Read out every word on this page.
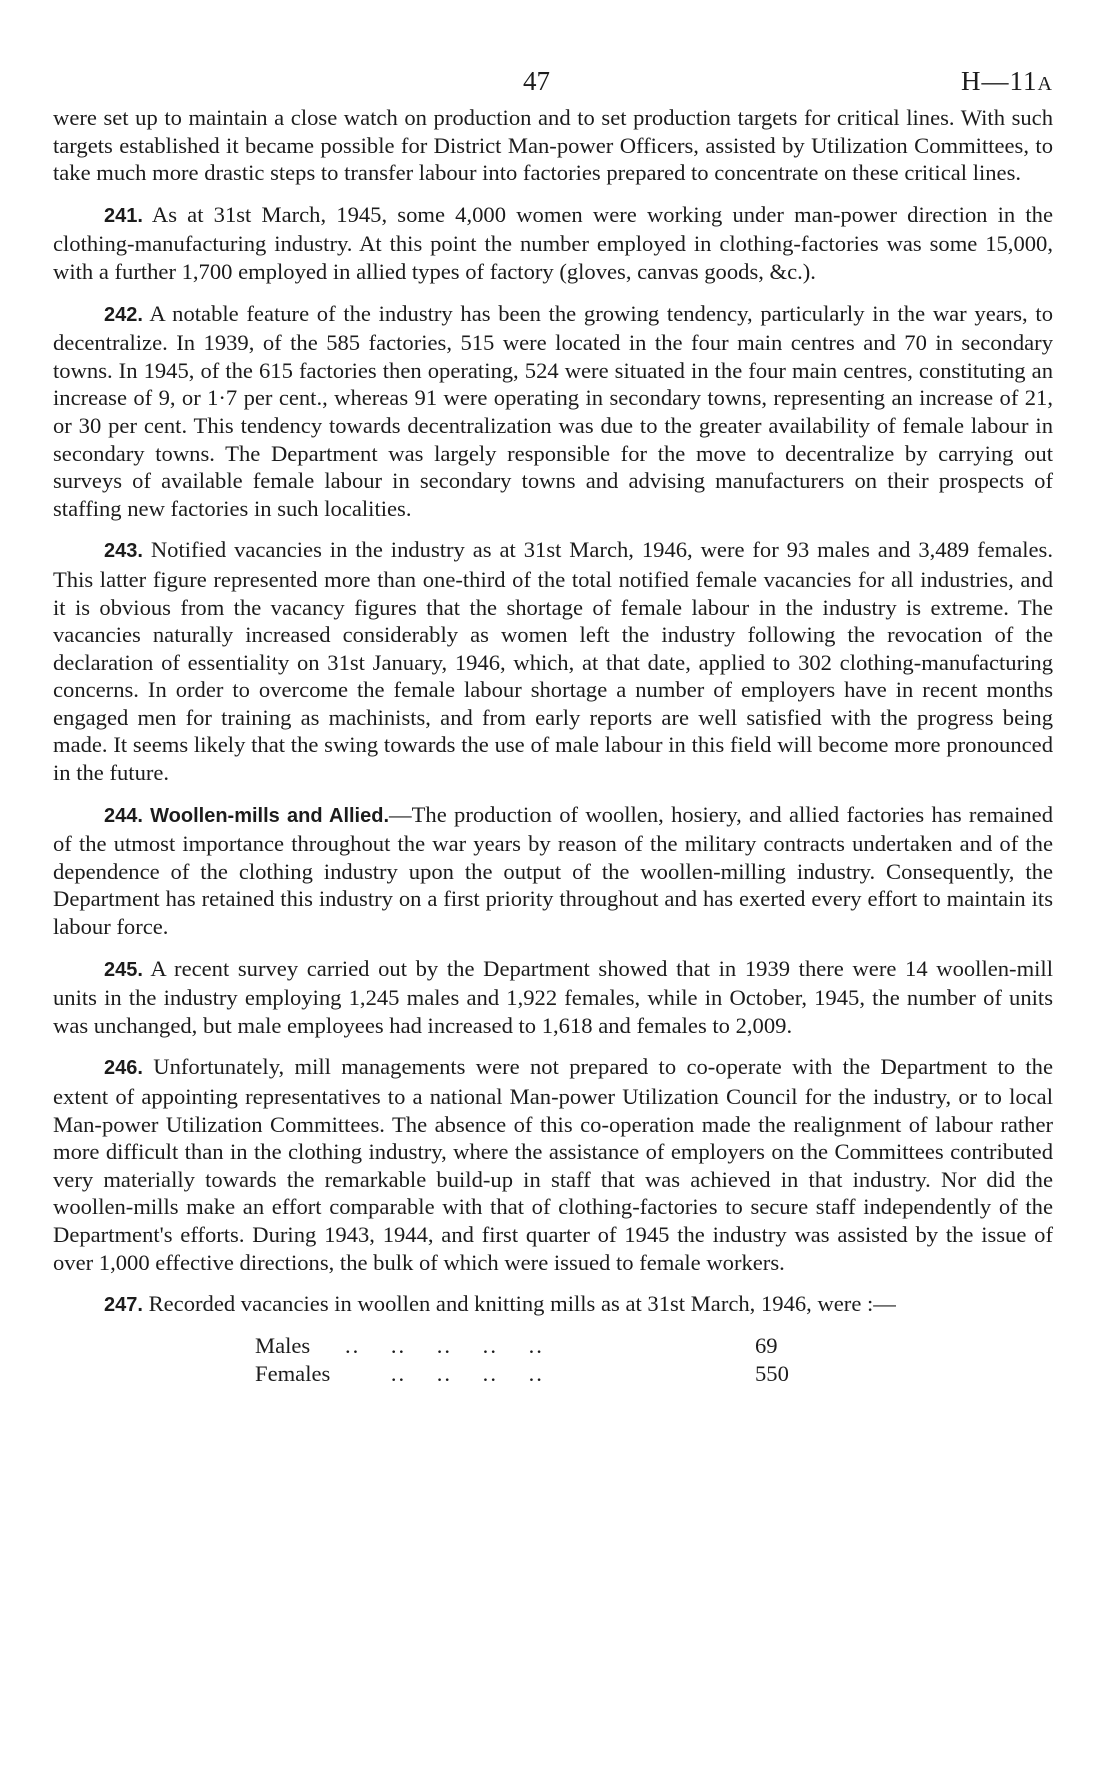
47	H—11A

were set up to maintain a close watch on production and to set production targets for critical lines. With such targets established it became possible for District Man-power Officers, assisted by Utilization Committees, to take much more drastic steps to transfer labour into factories prepared to concentrate on these critical lines.

241. As at 31st March, 1945, some 4,000 women were working under man-power direction in the clothing-manufacturing industry. At this point the number employed in clothing-factories was some 15,000, with a further 1,700 employed in allied types of factory (gloves, canvas goods, &c.).

242. A notable feature of the industry has been the growing tendency, particularly in the war years, to decentralize. In 1939, of the 585 factories, 515 were located in the four main centres and 70 in secondary towns. In 1945, of the 615 factories then operating, 524 were situated in the four main centres, constituting an increase of 9, or 1·7 per cent., whereas 91 were operating in secondary towns, representing an increase of 21, or 30 per cent. This tendency towards decentralization was due to the greater availability of female labour in secondary towns. The Department was largely responsible for the move to decentralize by carrying out surveys of available female labour in secondary towns and advising manufacturers on their prospects of staffing new factories in such localities.

243. Notified vacancies in the industry as at 31st March, 1946, were for 93 males and 3,489 females. This latter figure represented more than one-third of the total notified female vacancies for all industries, and it is obvious from the vacancy figures that the shortage of female labour in the industry is extreme. The vacancies naturally increased considerably as women left the industry following the revocation of the declaration of essentiality on 31st January, 1946, which, at that date, applied to 302 clothing-manufacturing concerns. In order to overcome the female labour shortage a number of employers have in recent months engaged men for training as machinists, and from early reports are well satisfied with the progress being made. It seems likely that the swing towards the use of male labour in this field will become more pronounced in the future.

244. Woollen-mills and Allied.—The production of woollen, hosiery, and allied factories has remained of the utmost importance throughout the war years by reason of the military contracts undertaken and of the dependence of the clothing industry upon the output of the woollen-milling industry. Consequently, the Department has retained this industry on a first priority throughout and has exerted every effort to maintain its labour force.

245. A recent survey carried out by the Department showed that in 1939 there were 14 woollen-mill units in the industry employing 1,245 males and 1,922 females, while in October, 1945, the number of units was unchanged, but male employees had increased to 1,618 and females to 2,009.

246. Unfortunately, mill managements were not prepared to co-operate with the Department to the extent of appointing representatives to a national Man-power Utilization Council for the industry, or to local Man-power Utilization Committees. The absence of this co-operation made the realignment of labour rather more difficult than in the clothing industry, where the assistance of employers on the Committees contributed very materially towards the remarkable build-up in staff that was achieved in that industry. Nor did the woollen-mills make an effort comparable with that of clothing-factories to secure staff independently of the Department's efforts. During 1943, 1944, and first quarter of 1945 the industry was assisted by the issue of over 1,000 effective directions, the bulk of which were issued to female workers.

247. Recorded vacancies in woollen and knitting mills as at 31st March, 1946, were :—

Males ..    ..    ..    ..    ..	69
Females ..    ..    ..    ..	550
